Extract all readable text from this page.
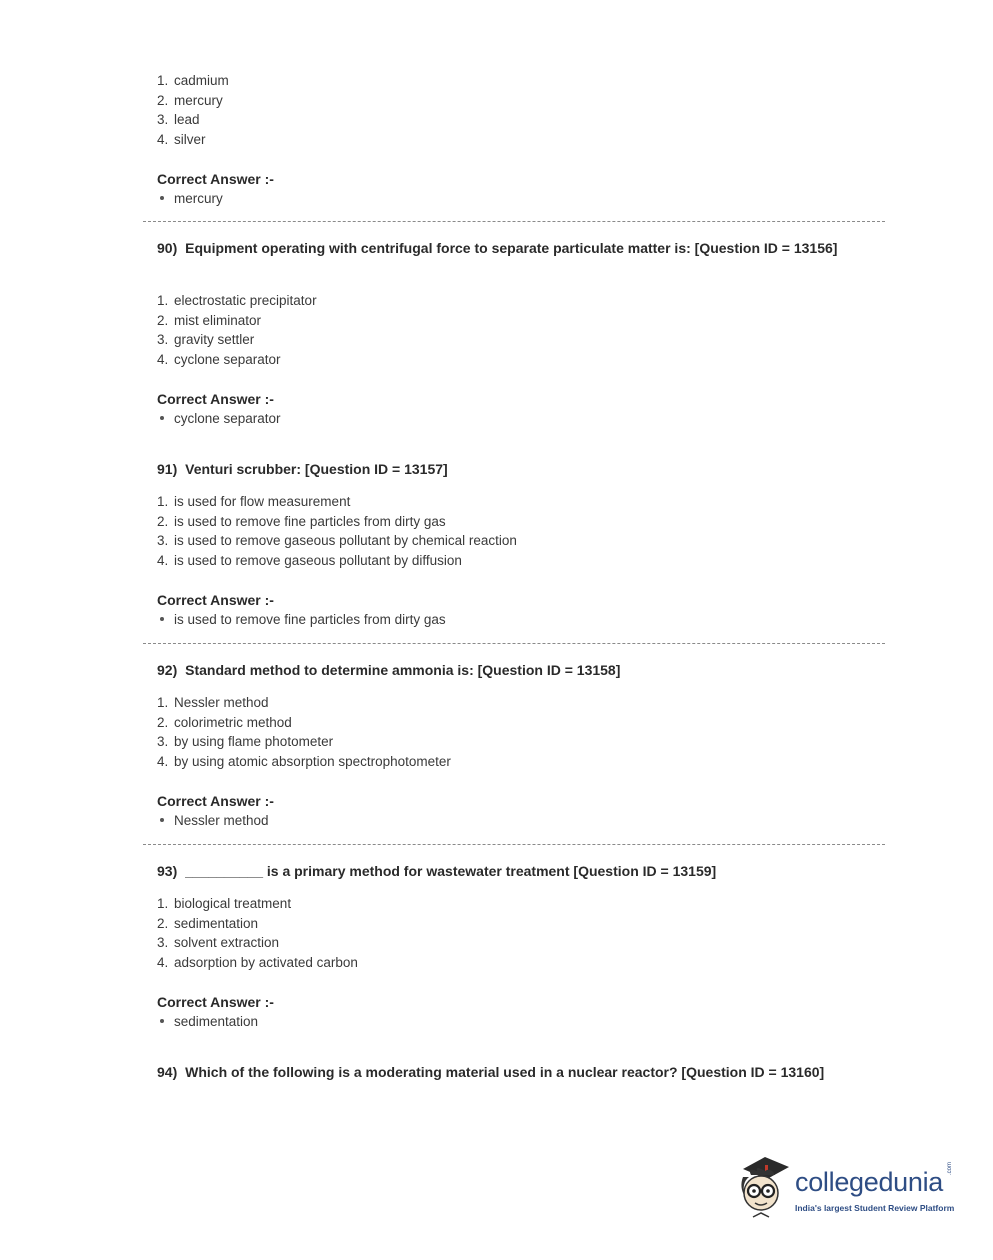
1. cadmium
2. mercury
3. lead
4. silver
Correct Answer :-
mercury
90) Equipment operating with centrifugal force to separate particulate matter is: [Question ID = 13156]
1. electrostatic precipitator
2. mist eliminator
3. gravity settler
4. cyclone separator
Correct Answer :-
cyclone separator
91) Venturi scrubber: [Question ID = 13157]
1. is used for flow measurement
2. is used to remove fine particles from dirty gas
3. is used to remove gaseous pollutant by chemical reaction
4. is used to remove gaseous pollutant by diffusion
Correct Answer :-
is used to remove fine particles from dirty gas
92) Standard method to determine ammonia is: [Question ID = 13158]
1. Nessler method
2. colorimetric method
3. by using flame photometer
4. by using atomic absorption spectrophotometer
Correct Answer :-
Nessler method
93) __________ is a primary method for wastewater treatment [Question ID = 13159]
1. biological treatment
2. sedimentation
3. solvent extraction
4. adsorption by activated carbon
Correct Answer :-
sedimentation
94) Which of the following is a moderating material used in a nuclear reactor? [Question ID = 13160]
collegedunia .com
India's largest Student Review Platform
